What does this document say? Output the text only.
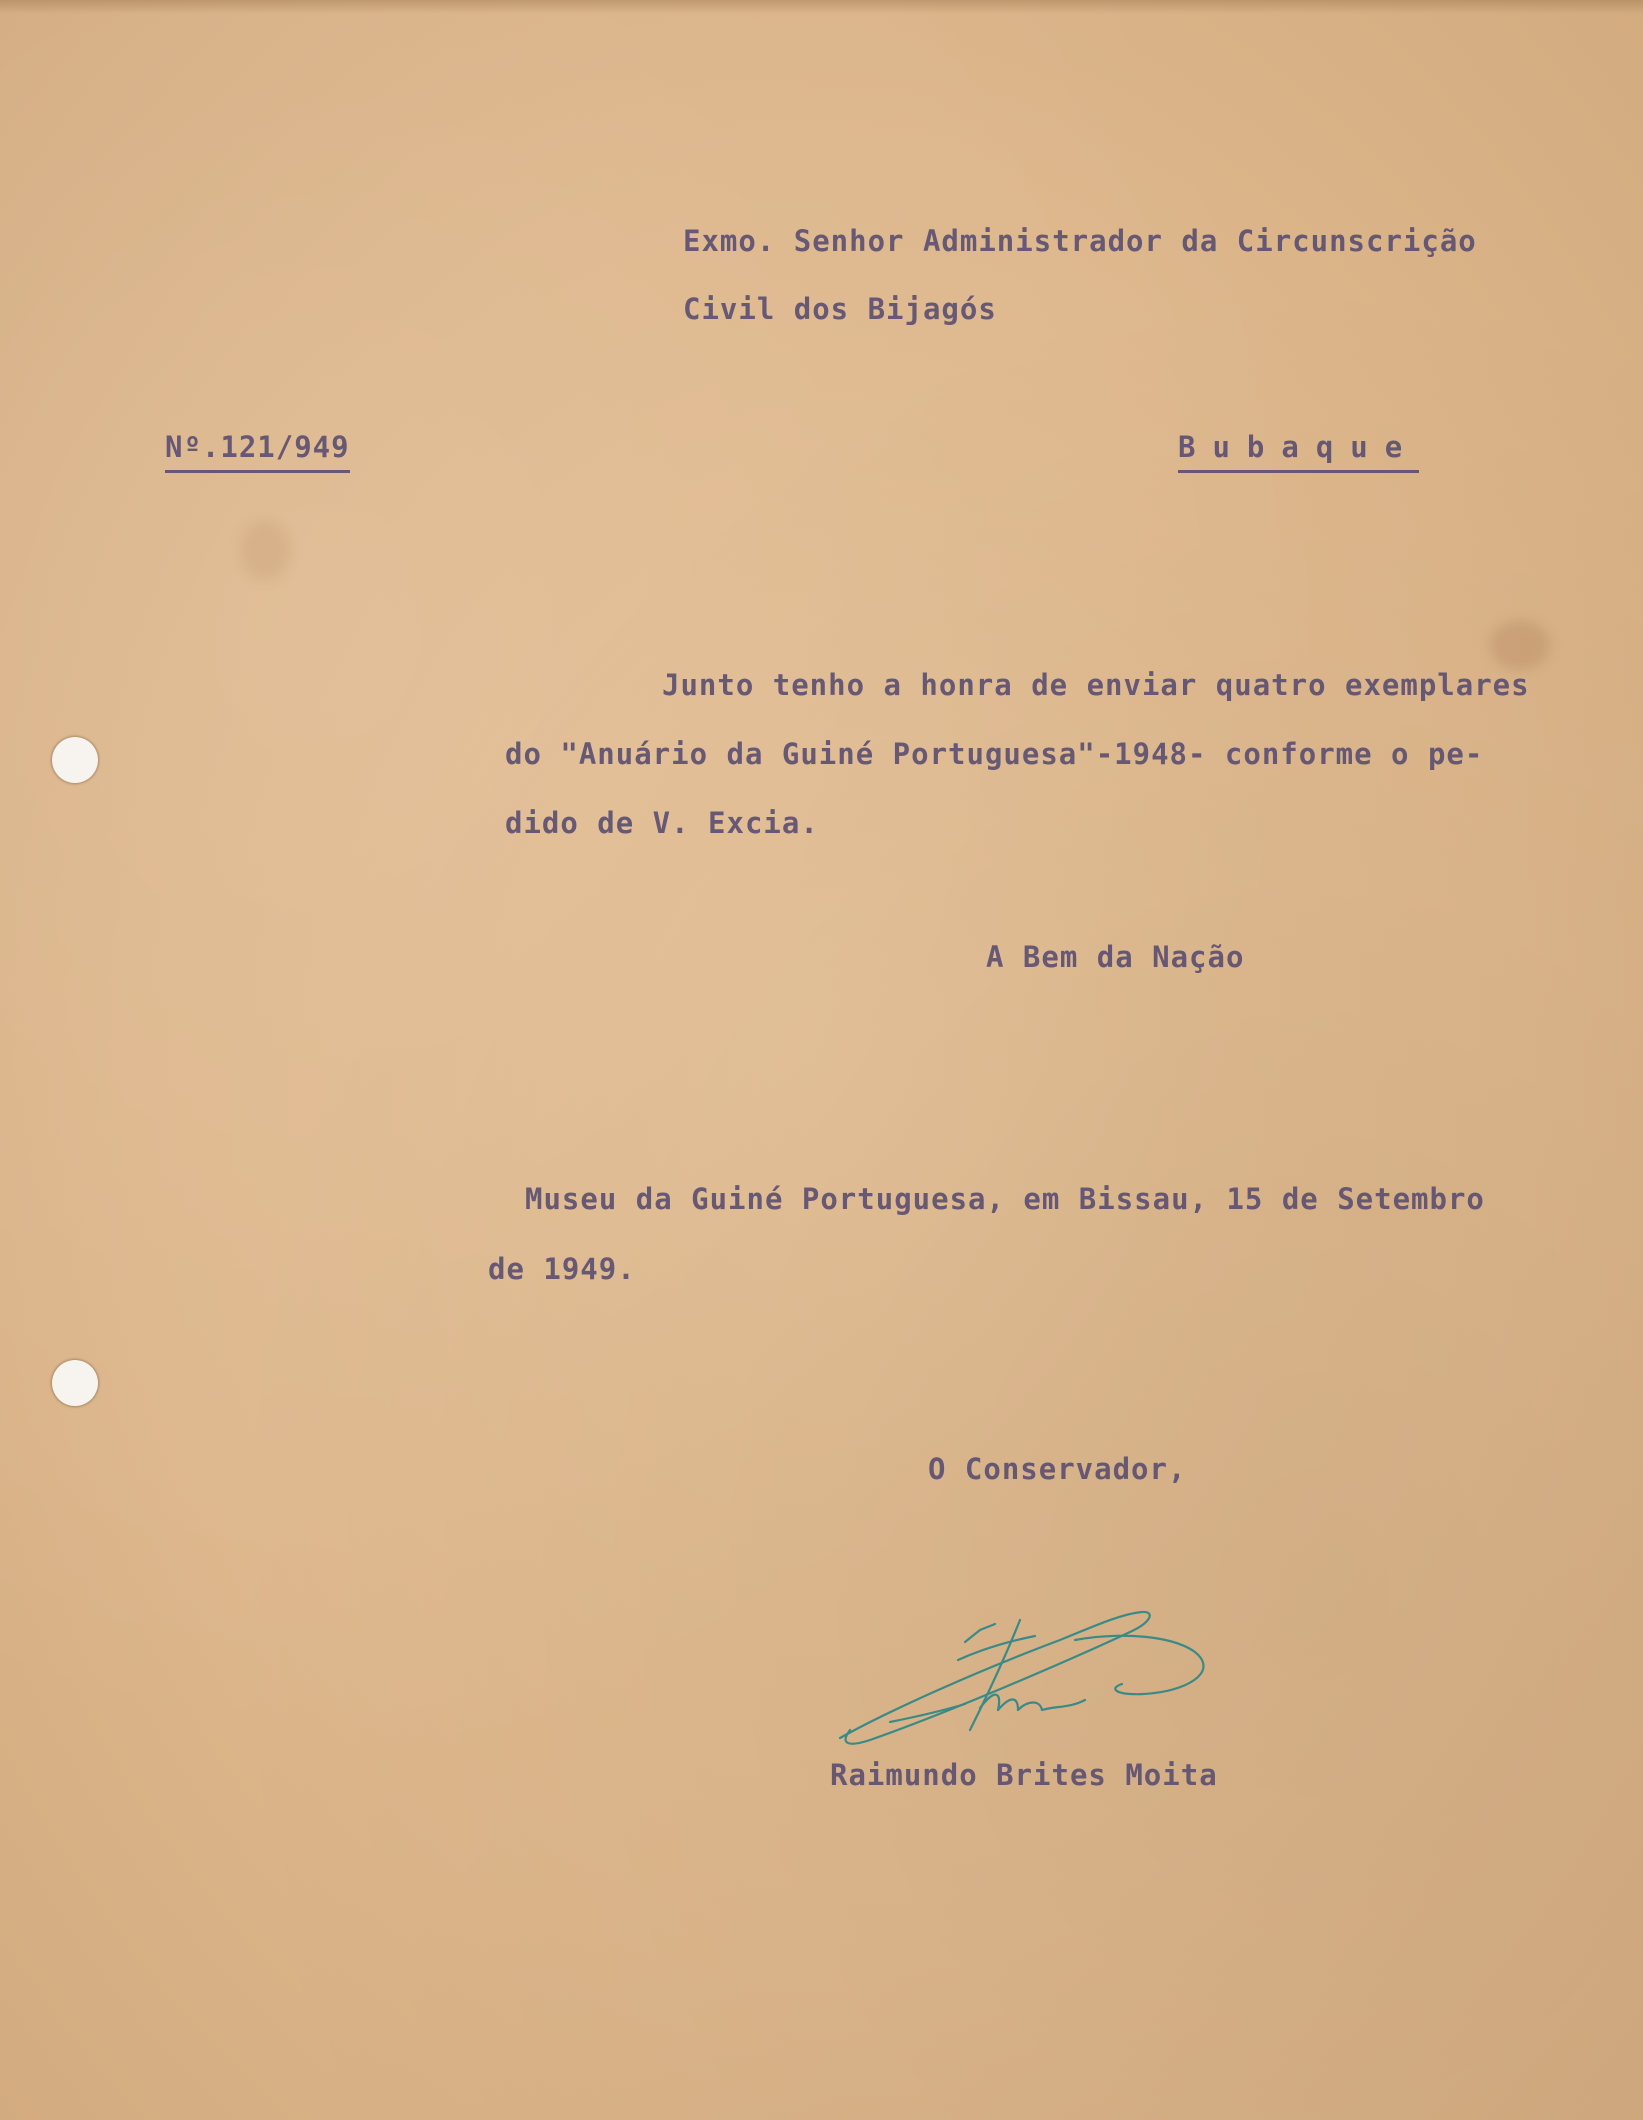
Exmo. Senhor Administrador da Circunscrição
Civil dos Bijagós
Nº.121/949	Bubaque
Junto tenho a honra de enviar quatro exemplares
do "Anuário da Guiné Portuguesa"-1948- conforme o pe-
dido de V. Excia.
A Bem da Nação
Museu da Guiné Portuguesa, em Bissau, 15 de Setembro
de 1949.
O Conservador,
Raimundo Brites Moita
